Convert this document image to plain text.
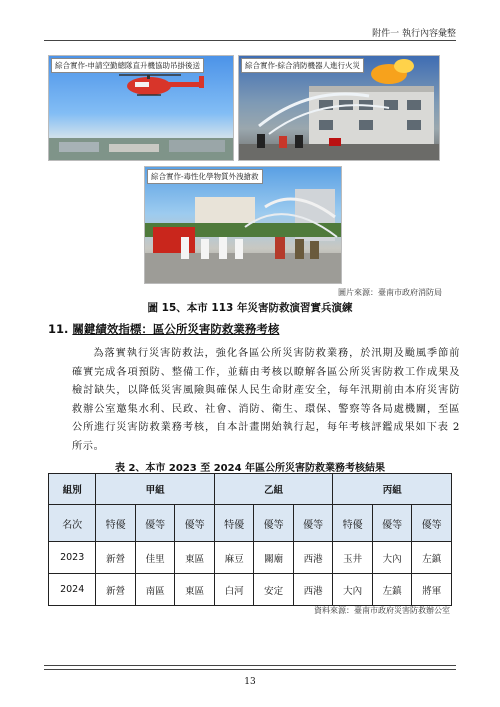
附件一 執行內容彙整
綜合實作-申請空勤總隊直升機協助吊掛後送	綜合實作-綜合消防機器人進行火災
綜合實作-毒性化學物質外洩搶救
圖片來源：臺南市政府消防局
圖 15、本市 113 年災害防救演習實兵演練
11. 關鍵績效指標：區公所災害防救業務考核

為落實執行災害防救法，強化各區公所災害防救業務，於汛期及颱風季節前確實完成各項預防、整備工作，並藉由考核以瞭解各區公所災害防救工作成果及檢討缺失，以降低災害風險與確保人民生命財產安全，每年汛期前由本府災害防救辦公室邀集水利、民政、社會、消防、衛生、環保、警察等各局處機關，至區公所進行災害防救業務考核，自本計畫開始執行起，每年考核評鑑成果如下表 2 所示。

表 2、本市 2023 至 2024 年區公所災害防救業務考核結果
組別	甲組			乙組			丙組		
名次	特優	優等	優等	特優	優等	優等	特優	優等	優等
2023	新營	佳里	東區	麻豆	關廟	西港	玉井	大內	左鎮
2024	新營	南區	東區	白河	安定	西港	大內	左鎮	將軍
資料來源：臺南市政府災害防救辦公室
13
